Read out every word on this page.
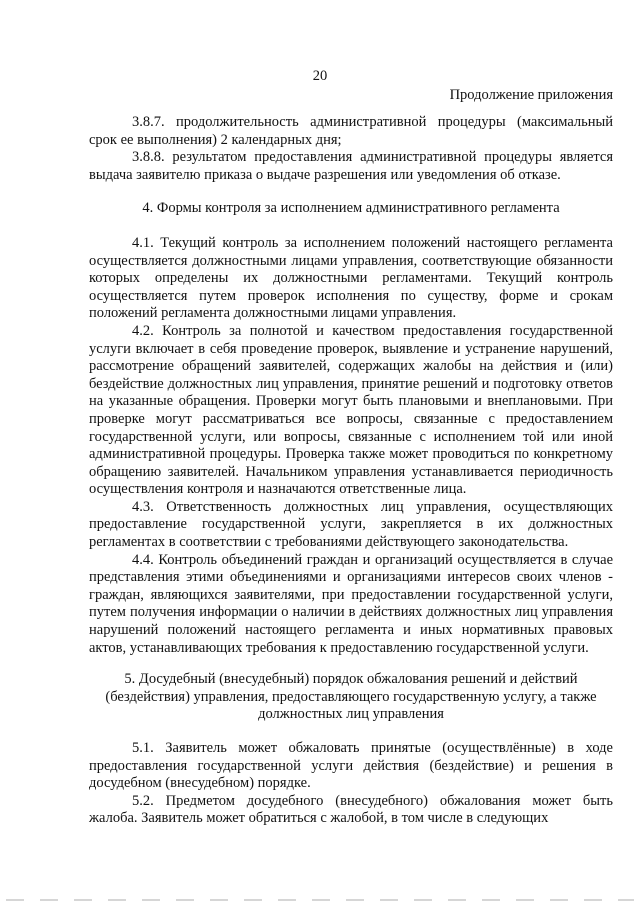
20
Продолжение приложения

3.8.7. продолжительность административной процедуры (максимальный срок ее выполнения) 2 календарных дня;

3.8.8. результатом предоставления административной процедуры является выдача заявителю приказа о выдаче разрешения или уведомления об отказе.

4. Формы контроля за исполнением административного регламента

4.1. Текущий контроль за исполнением положений настоящего регламента осуществляется должностными лицами управления, соответствующие обязанности которых определены их должностными регламентами. Текущий контроль осуществляется путем проверок исполнения по существу, форме и срокам положений регламента должностными лицами управления.

4.2. Контроль за полнотой и качеством предоставления государственной услуги включает в себя проведение проверок, выявление и устранение нарушений, рассмотрение обращений заявителей, содержащих жалобы на действия и (или) бездействие должностных лиц управления, принятие решений и подготовку ответов на указанные обращения. Проверки могут быть плановыми и внеплановыми. При проверке могут рассматриваться все вопросы, связанные с предоставлением государственной услуги, или вопросы, связанные с исполнением той или иной административной процедуры. Проверка также может проводиться по конкретному обращению заявителей. Начальником управления устанавливается периодичность осуществления контроля и назначаются ответственные лица.

4.3. Ответственность должностных лиц управления, осуществляющих предоставление государственной услуги, закрепляется в их должностных регламентах в соответствии с требованиями действующего законодательства.

4.4. Контроль объединений граждан и организаций осуществляется в случае представления этими объединениями и организациями интересов своих членов - граждан, являющихся заявителями, при предоставлении государственной услуги, путем получения информации о наличии в действиях должностных лиц управления нарушений положений настоящего регламента и иных нормативных правовых актов, устанавливающих требования к предоставлению государственной услуги.

5. Досудебный (внесудебный) порядок обжалования решений и действий

(бездействия) управления, предоставляющего государственную услугу, а также

должностных лиц управления

5.1. Заявитель может обжаловать принятые (осуществлённые) в ходе предоставления государственной услуги действия (бездействие) и решения в досудебном (внесудебном) порядке.

5.2. Предметом досудебного (внесудебного) обжалования может быть жалоба. Заявитель может обратиться с жалобой, в том числе в следующих
